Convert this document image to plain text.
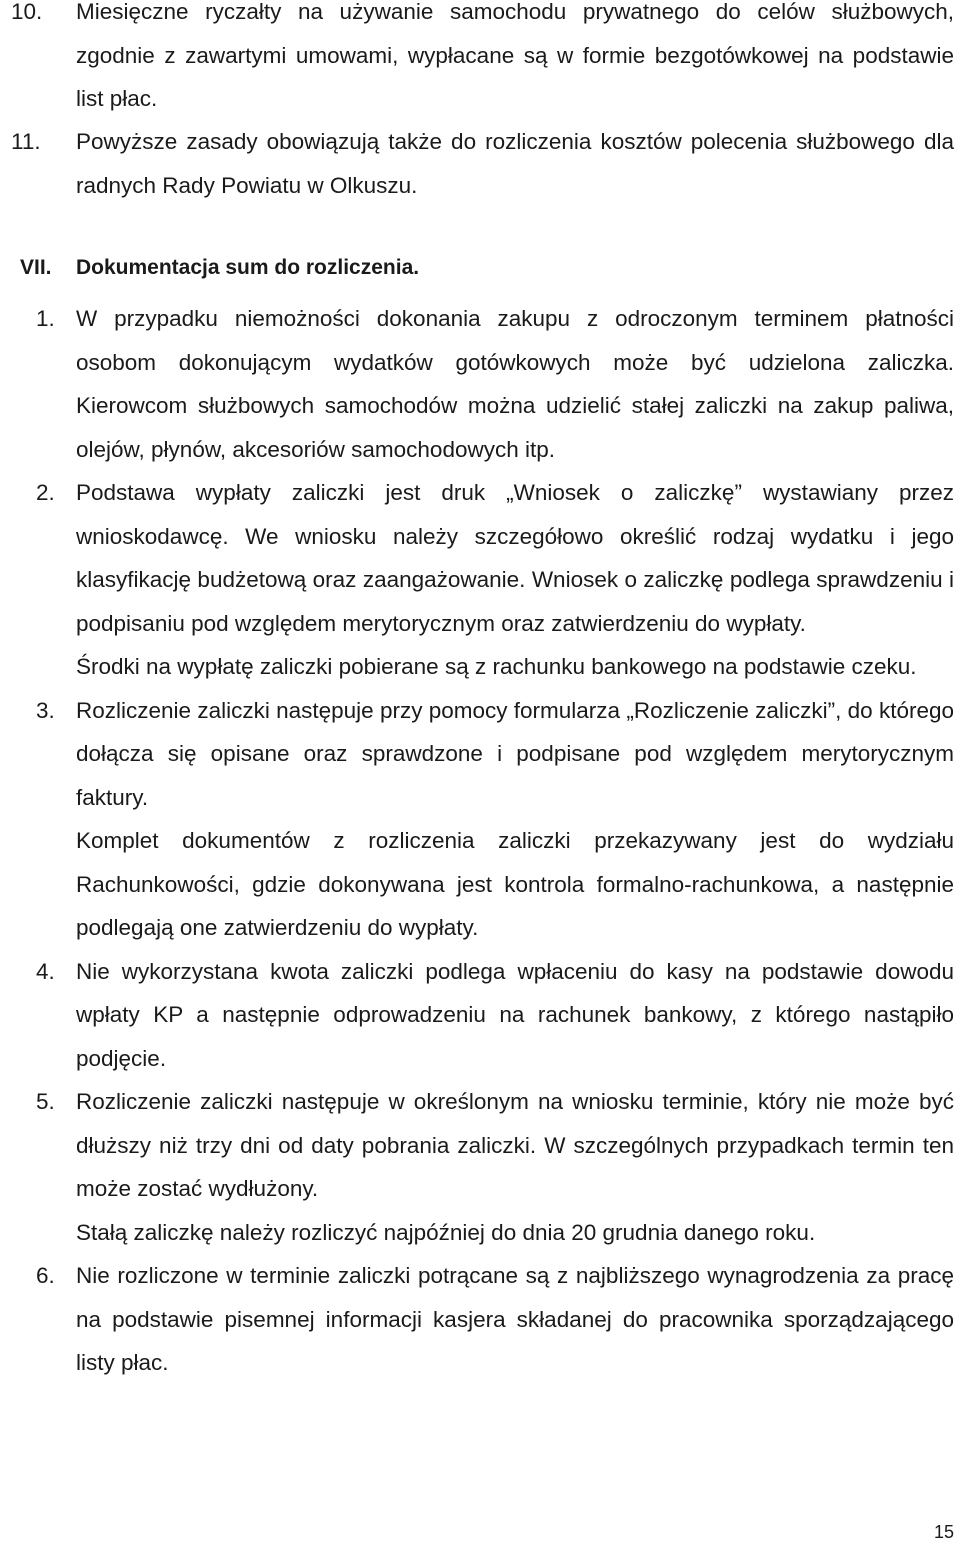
10. Miesięczne ryczałty na używanie samochodu prywatnego do celów służbowych, zgodnie z zawartymi umowami, wypłacane są w formie bezgotówkowej na podstawie list płac.

11. Powyższe zasady obowiązują także do rozliczenia kosztów polecenia służbowego dla radnych Rady Powiatu w Olkuszu.

VII. Dokumentacja sum do rozliczenia.
1. W przypadku niemożności dokonania zakupu z odroczonym terminem płatności osobom dokonującym wydatków gotówkowych może być udzielona zaliczka. Kierowcom służbowych samochodów można udzielić stałej zaliczki na zakup paliwa, olejów, płynów, akcesoriów samochodowych itp.

2. Podstawa wypłaty zaliczki jest druk „Wniosek o zaliczkę” wystawiany przez wnioskodawcę. We wniosku należy szczegółowo określić rodzaj wydatku i jego klasyfikację budżetową oraz zaangażowanie. Wniosek o zaliczkę podlega sprawdzeniu i podpisaniu pod względem merytorycznym oraz zatwierdzeniu do wypłaty.

Środki na wypłatę zaliczki pobierane są z rachunku bankowego na podstawie czeku.

3. Rozliczenie zaliczki następuje przy pomocy formularza „Rozliczenie zaliczki”, do którego dołącza się opisane oraz sprawdzone i podpisane pod względem merytorycznym faktury.

Komplet dokumentów z rozliczenia zaliczki przekazywany jest do wydziału Rachunkowości, gdzie dokonywana jest kontrola formalno-rachunkowa, a następnie podlegają one zatwierdzeniu do wypłaty.

4. Nie wykorzystana kwota zaliczki podlega wpłaceniu do kasy na podstawie dowodu wpłaty KP a następnie odprowadzeniu na rachunek bankowy, z którego nastąpiło podjęcie.

5. Rozliczenie zaliczki następuje w określonym na wniosku terminie, który nie może być dłuższy niż trzy dni od daty pobrania zaliczki. W szczególnych przypadkach termin ten może zostać wydłużony.

Stałą zaliczkę należy rozliczyć najpóźniej do dnia 20 grudnia danego roku.

6. Nie rozliczone w terminie zaliczki potrącane są z najbliższego wynagrodzenia za pracę na podstawie pisemnej informacji kasjera składanej do pracownika sporządzającego listy płac.

15
